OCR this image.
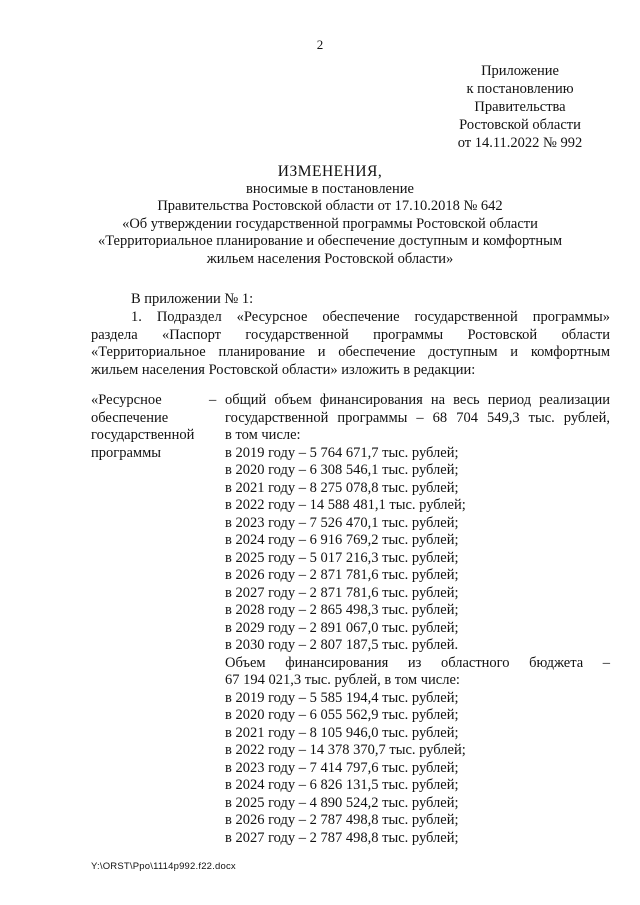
2
Приложение
к постановлению
Правительства
Ростовской области
от 14.11.2022 № 992
ИЗМЕНЕНИЯ,
вносимые в постановление
Правительства Ростовской области от 17.10.2018 № 642
«Об утверждении государственной программы Ростовской области
«Территориальное планирование и обеспечение доступным и комфортным
жильем населения Ростовской области»
В приложении № 1:
1. Подраздел «Ресурсное обеспечение государственной программы»
раздела «Паспорт государственной программы Ростовской области
«Территориальное планирование и обеспечение доступным и комфортным
жильем населения Ростовской области» изложить в редакции:
«Ресурсное
обеспечение
государственной
программы
– общий объем финансирования на весь период реализации
государственной программы – 68 704 549,3 тыс. рублей,
в том числе:
в 2019 году – 5 764 671,7 тыс. рублей;
в 2020 году – 6 308 546,1 тыс. рублей;
в 2021 году – 8 275 078,8 тыс. рублей;
в 2022 году – 14 588 481,1 тыс. рублей;
в 2023 году – 7 526 470,1 тыс. рублей;
в 2024 году – 6 916 769,2 тыс. рублей;
в 2025 году – 5 017 216,3 тыс. рублей;
в 2026 году – 2 871 781,6 тыс. рублей;
в 2027 году – 2 871 781,6 тыс. рублей;
в 2028 году – 2 865 498,3 тыс. рублей;
в 2029 году – 2 891 067,0 тыс. рублей;
в 2030 году – 2 807 187,5 тыс. рублей.
Объем финансирования из областного бюджета –
67 194 021,3 тыс. рублей, в том числе:
в 2019 году – 5 585 194,4 тыс. рублей;
в 2020 году – 6 055 562,9 тыс. рублей;
в 2021 году – 8 105 946,0 тыс. рублей;
в 2022 году – 14 378 370,7 тыс. рублей;
в 2023 году – 7 414 797,6 тыс. рублей;
в 2024 году – 6 826 131,5 тыс. рублей;
в 2025 году – 4 890 524,2 тыс. рублей;
в 2026 году – 2 787 498,8 тыс. рублей;
в 2027 году – 2 787 498,8 тыс. рублей;
Y:\ORST\Ppo\1114p992.f22.docx
